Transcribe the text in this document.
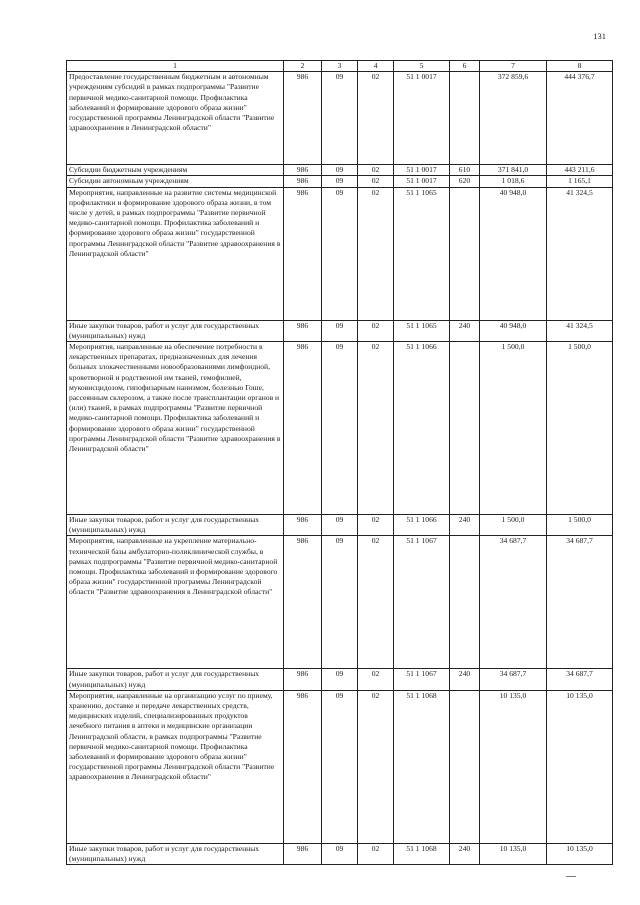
131
1	2	3	4	5	6	7	8
Предоставление государственным бюджетным и автономным учреждениям субсидий в рамках подпрограммы "Развитие первичной медико-санитарной помощи. Профилактика заболеваний и формирование здорового образа жизни" государственной программы Ленинградской области "Развитие здравоохранения в Ленинградской области"	986	09	02	51 1 0017		372 859,6	444 376,7
Субсидии бюджетным учреждениям	986	09	02	51 1 0017	610	371 841,0	443 211,6
Субсидии автономным учреждениям	986	09	02	51 1 0017	620	1 018,6	1 165,1
Мероприятия, направленные на развитие системы медицинской профилактики и формирование здорового образа жизни, в том числе у детей, в рамках подпрограммы "Развитие первичной медико-санитарной помощи. Профилактика заболеваний и формирование здорового образа жизни" государственной программы Ленинградской области "Развитие здравоохранения в Ленинградской области"	986	09	02	51 1 1065		40 948,0	41 324,5
Иные закупки товаров, работ и услуг для государственных (муниципальных) нужд	986	09	02	51 1 1065	240	40 948,0	41 324,5
Мероприятия, направленные на обеспечение потребности в лекарственных препаратах, предназначенных для лечения больных злокачественными новообразованиями лимфоидной, кроветворной и родственной им тканей, гемофилией, муковисцидозом, гипофизарным нанизмом, болезнью Гоше, рассеянным склерозом, а также после трансплантации органов и (или) тканей, в рамках подпрограммы "Развитие первичной медико-санитарной помощи. Профилактика заболеваний и формирование здорового образа жизни" государственной программы Ленинградской области "Развитие здравоохранения в Ленинградской области"	986	09	02	51 1 1066		1 500,0	1 500,0
Иные закупки товаров, работ и услуг для государственных (муниципальных) нужд	986	09	02	51 1 1066	240	1 500,0	1 500,0
Мероприятия, направленные на укрепление материально-технической базы амбулаторно-поликлинической службы, в рамках подпрограммы "Развитие первичной медико-санитарной помощи. Профилактика заболеваний и формирование здорового образа жизни" государственной программы Ленинградской области "Развитие здравоохранения в Ленинградской области"	986	09	02	51 1 1067		34 687,7	34 687,7
Иные закупки товаров, работ и услуг для государственных (муниципальных) нужд	986	09	02	51 1 1067	240	34 687,7	34 687,7
Мероприятия, направленные на организацию услуг по приему, хранению, доставке и передаче лекарственных средств, медицинских изделий, специализированных продуктов лечебного питания в аптеки и медицинские организации Ленинградской области, в рамках подпрограммы "Развитие первичной медико-санитарной помощи. Профилактика заболеваний и формирование здорового образа жизни" государственной программы Ленинградской области "Развитие здравоохранения в Ленинградской области"	986	09	02	51 1 1068		10 135,0	10 135,0
Иные закупки товаров, работ и услуг для государственных (муниципальных) нужд	986	09	02	51 1 1068	240	10 135,0	10 135,0
